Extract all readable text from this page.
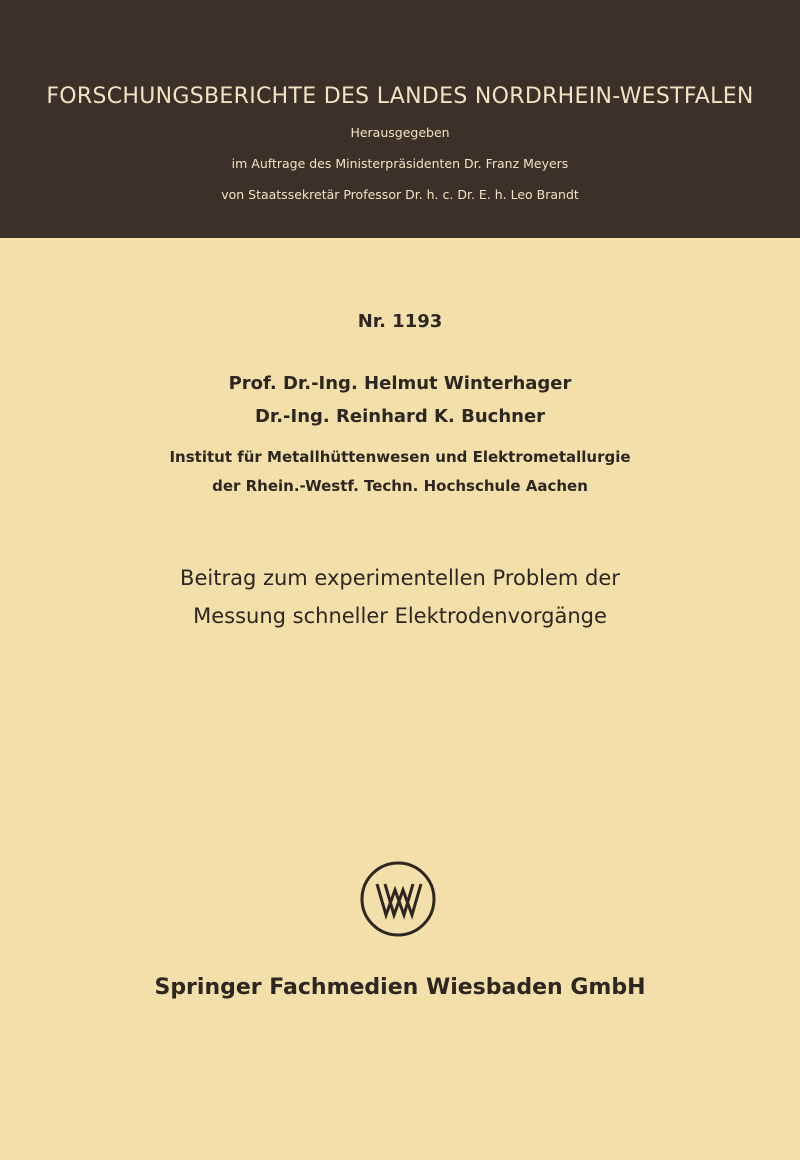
FORSCHUNGSBERICHTE DES LANDES NORDRHEIN-WESTFALEN
Herausgegeben
im Auftrage des Ministerpräsidenten Dr. Franz Meyers
von Staatssekretär Professor Dr. h. c. Dr. E. h. Leo Brandt
Nr. 1193
Prof. Dr.-Ing. Helmut Winterhager
Dr.-Ing. Reinhard K. Buchner
Institut für Metallhüttenwesen und Elektrometallurgie
der Rhein.-Westf. Techn. Hochschule Aachen
Beitrag zum experimentellen Problem der
Messung schneller Elektrodenvorgänge
Springer Fachmedien Wiesbaden GmbH
